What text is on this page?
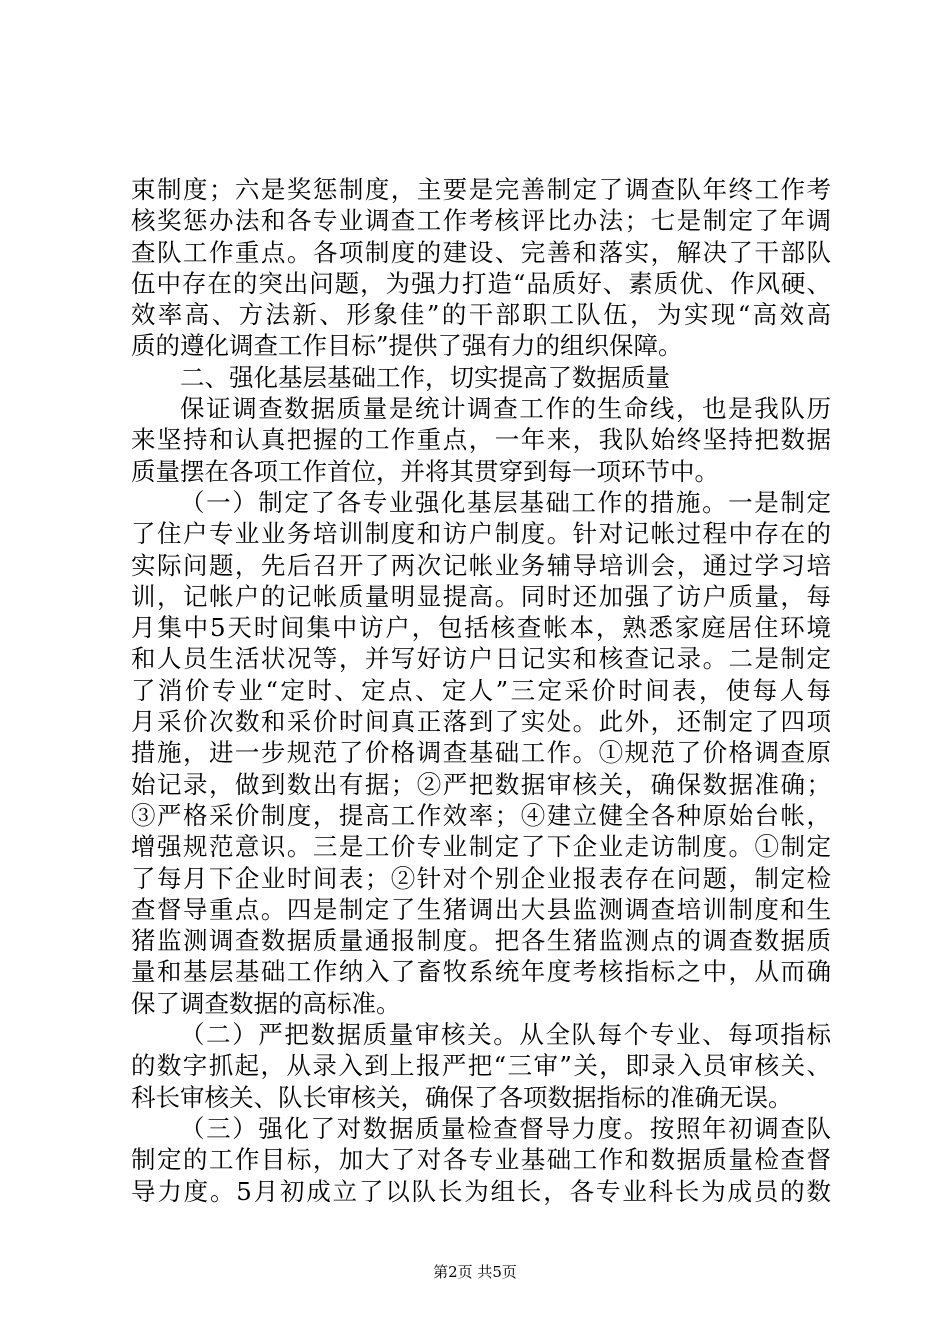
束制度；六是奖惩制度，主要是完善制定了调查队年终工作考
核奖惩办法和各专业调查工作考核评比办法；七是制定了年调
查队工作重点。各项制度的建设、完善和落实，解决了干部队
伍中存在的突出问题，为强力打造“品质好、素质优、作风硬、
效率高、方法新、形象佳”的干部职工队伍，为实现“高效高
质的遵化调查工作目标”提供了强有力的组织保障。
二、强化基层基础工作，切实提高了数据质量
保证调查数据质量是统计调查工作的生命线，也是我队历
来坚持和认真把握的工作重点，一年来，我队始终坚持把数据
质量摆在各项工作首位，并将其贯穿到每一项环节中。
（一）制定了各专业强化基层基础工作的措施。一是制定
了住户专业业务培训制度和访户制度。针对记帐过程中存在的
实际问题，先后召开了两次记帐业务辅导培训会，通过学习培
训，记帐户的记帐质量明显提高。同时还加强了访户质量，每
月集中5天时间集中访户，包括核查帐本，熟悉家庭居住环境
和人员生活状况等，并写好访户日记实和核查记录。二是制定
了消价专业“定时、定点、定人”三定采价时间表，使每人每
月采价次数和采价时间真正落到了实处。此外，还制定了四项
措施，进一步规范了价格调查基础工作。①规范了价格调查原
始记录，做到数出有据；②严把数据审核关，确保数据准确；
③严格采价制度，提高工作效率；④建立健全各种原始台帐，
增强规范意识。三是工价专业制定了下企业走访制度。①制定
了每月下企业时间表；②针对个别企业报表存在问题，制定检
查督导重点。四是制定了生猪调出大县监测调查培训制度和生
猪监测调查数据质量通报制度。把各生猪监测点的调查数据质
量和基层基础工作纳入了畜牧系统年度考核指标之中，从而确
保了调查数据的高标准。
（二）严把数据质量审核关。从全队每个专业、每项指标
的数字抓起，从录入到上报严把“三审”关，即录入员审核关、
科长审核关、队长审核关，确保了各项数据指标的准确无误。
（三）强化了对数据质量检查督导力度。按照年初调查队
制定的工作目标，加大了对各专业基础工作和数据质量检查督
导力度。5月初成立了以队长为组长，各专业科长为成员的数
第2页 共5页
